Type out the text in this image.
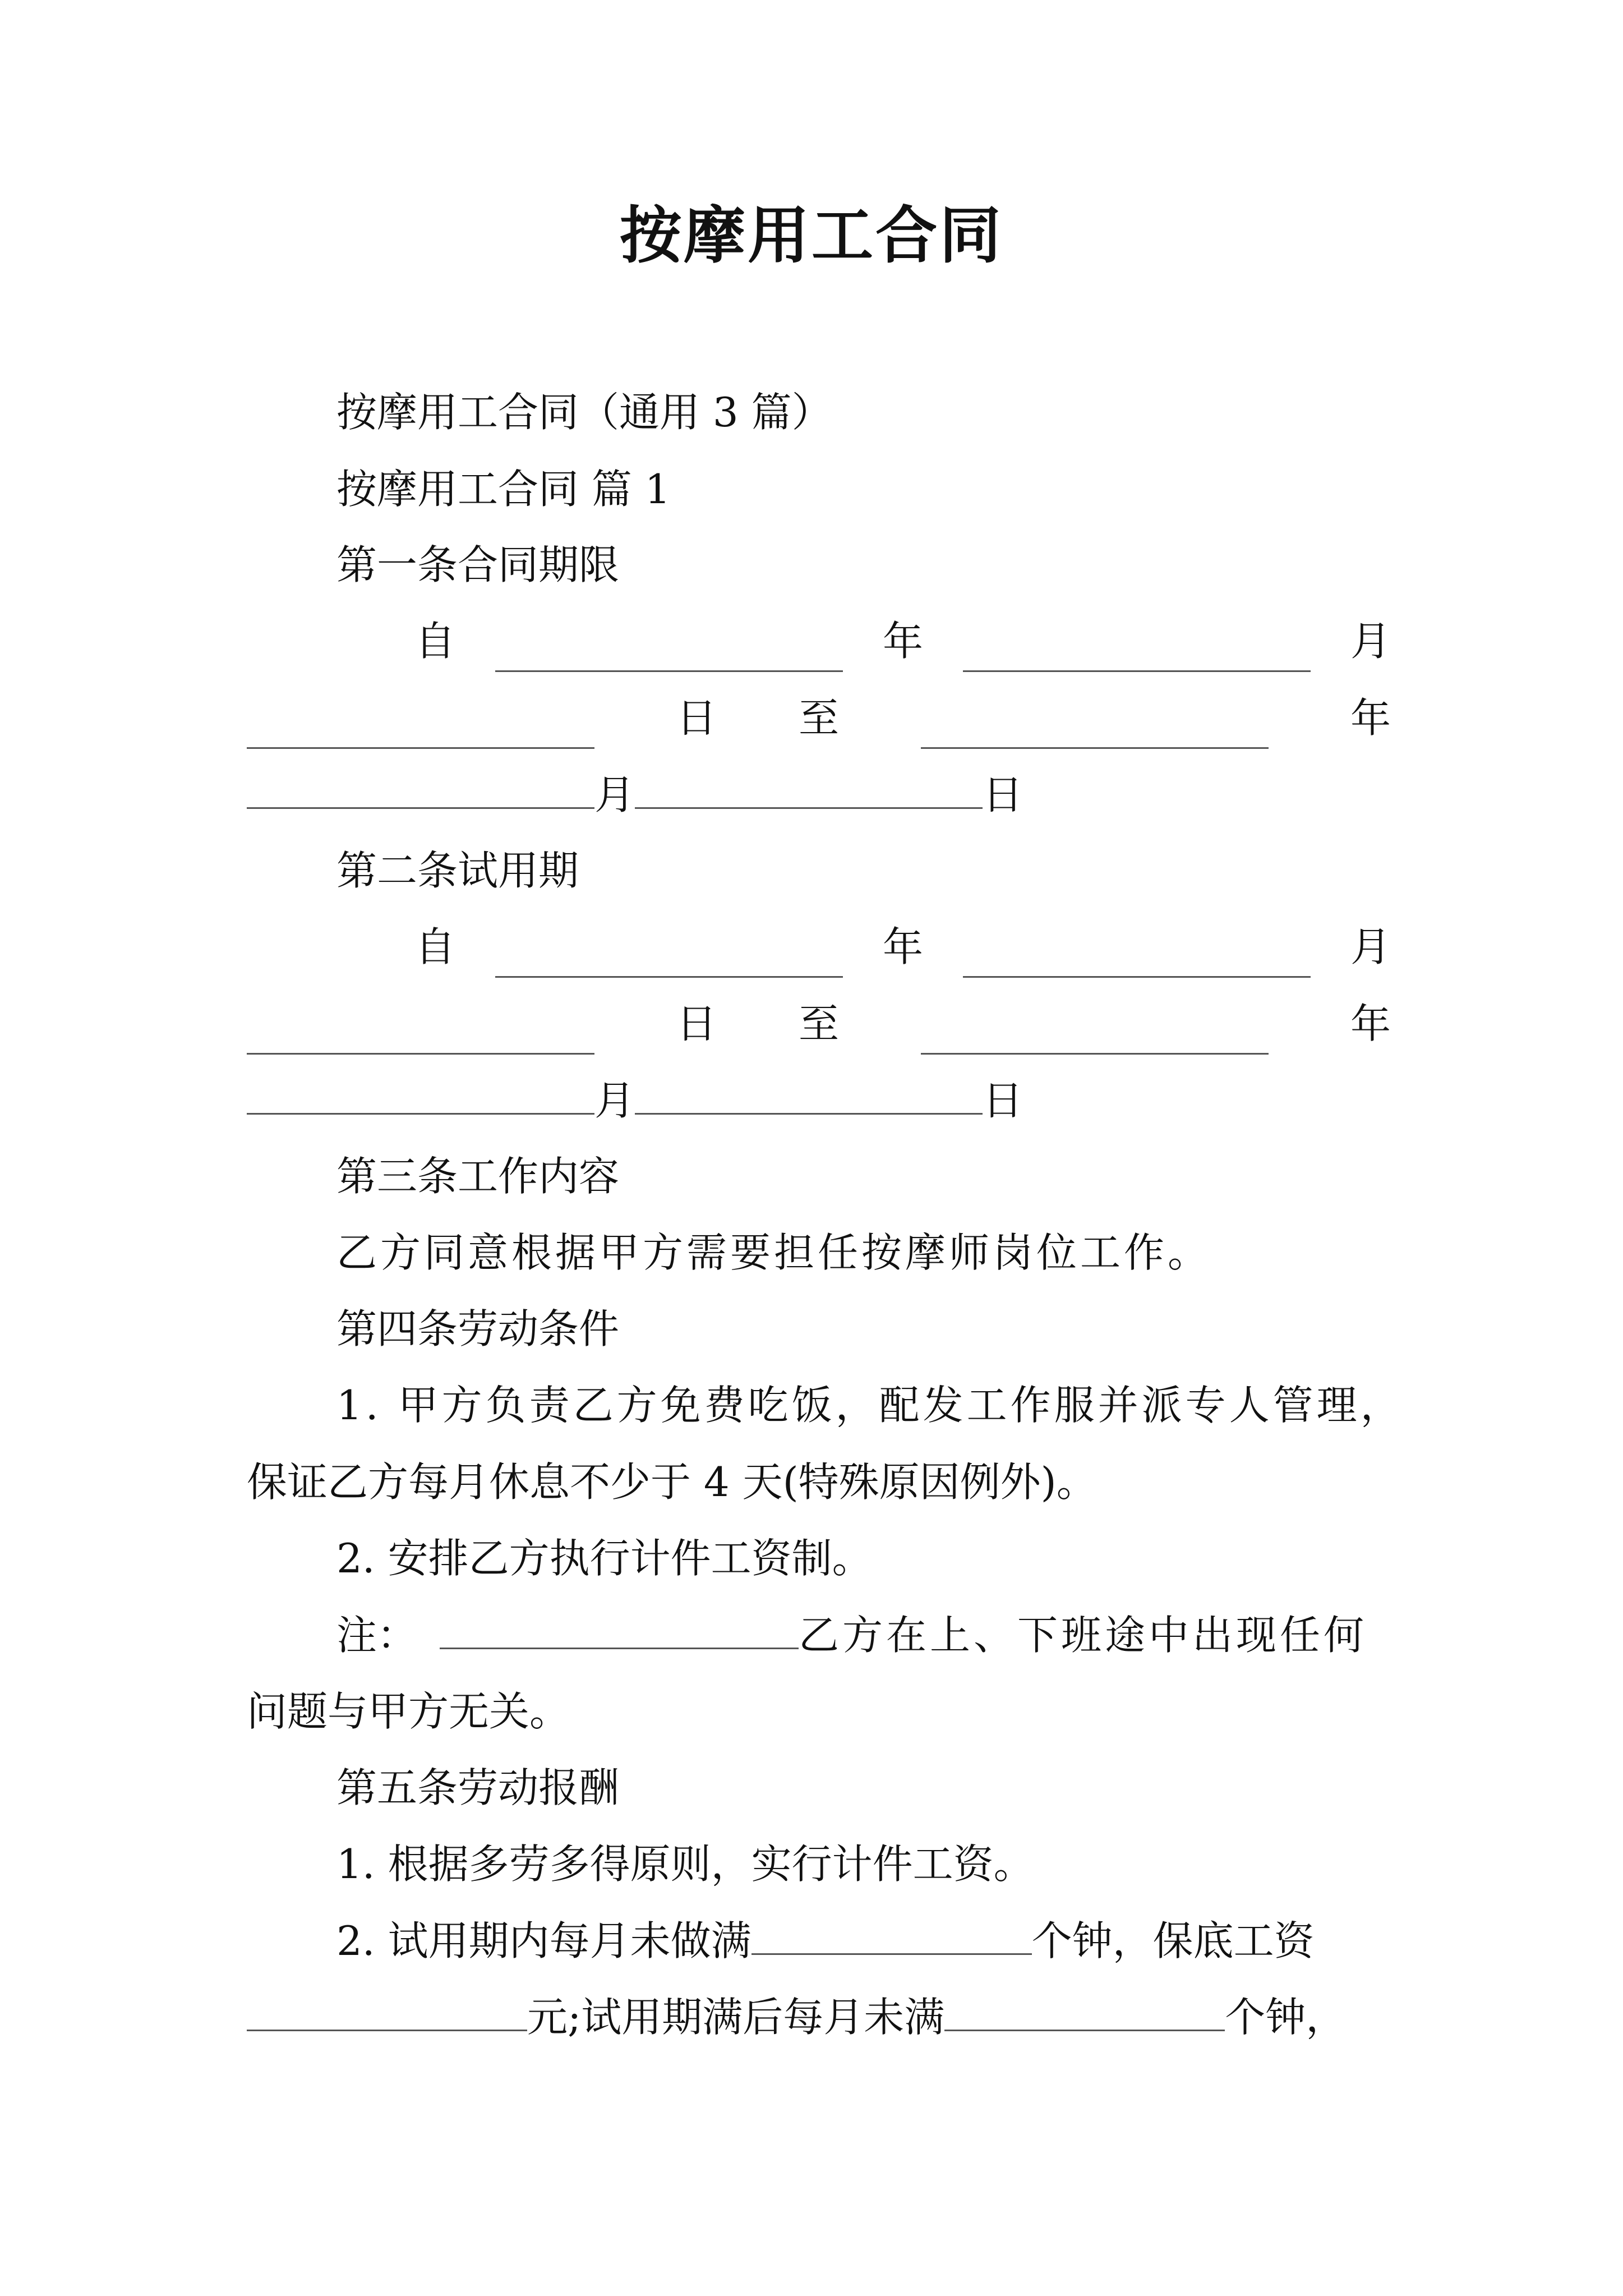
按摩用工合同
按摩用工合同（通用 3 篇）
按摩用工合同 篇 1
第一条合同期限
自	年	月
日 至	年
月	日
第二条试用期
自	年	月
日 至	年
月	日
第三条工作内容
乙方同意根据甲方需要担任按摩师岗位工作。
第四条劳动条件
1. 甲方负责乙方免费吃饭，配发工作服并派专人管理，
保证乙方每月休息不少于 4 天(特殊原因例外)。
2. 安排乙方执行计件工资制。
注：	乙方在上、下班途中出现任何
问题与甲方无关。
第五条劳动报酬
1. 根据多劳多得原则，实行计件工资。
2. 试用期内每月未做满	个钟，保底工资
元;试用期满后每月未满	个钟，
